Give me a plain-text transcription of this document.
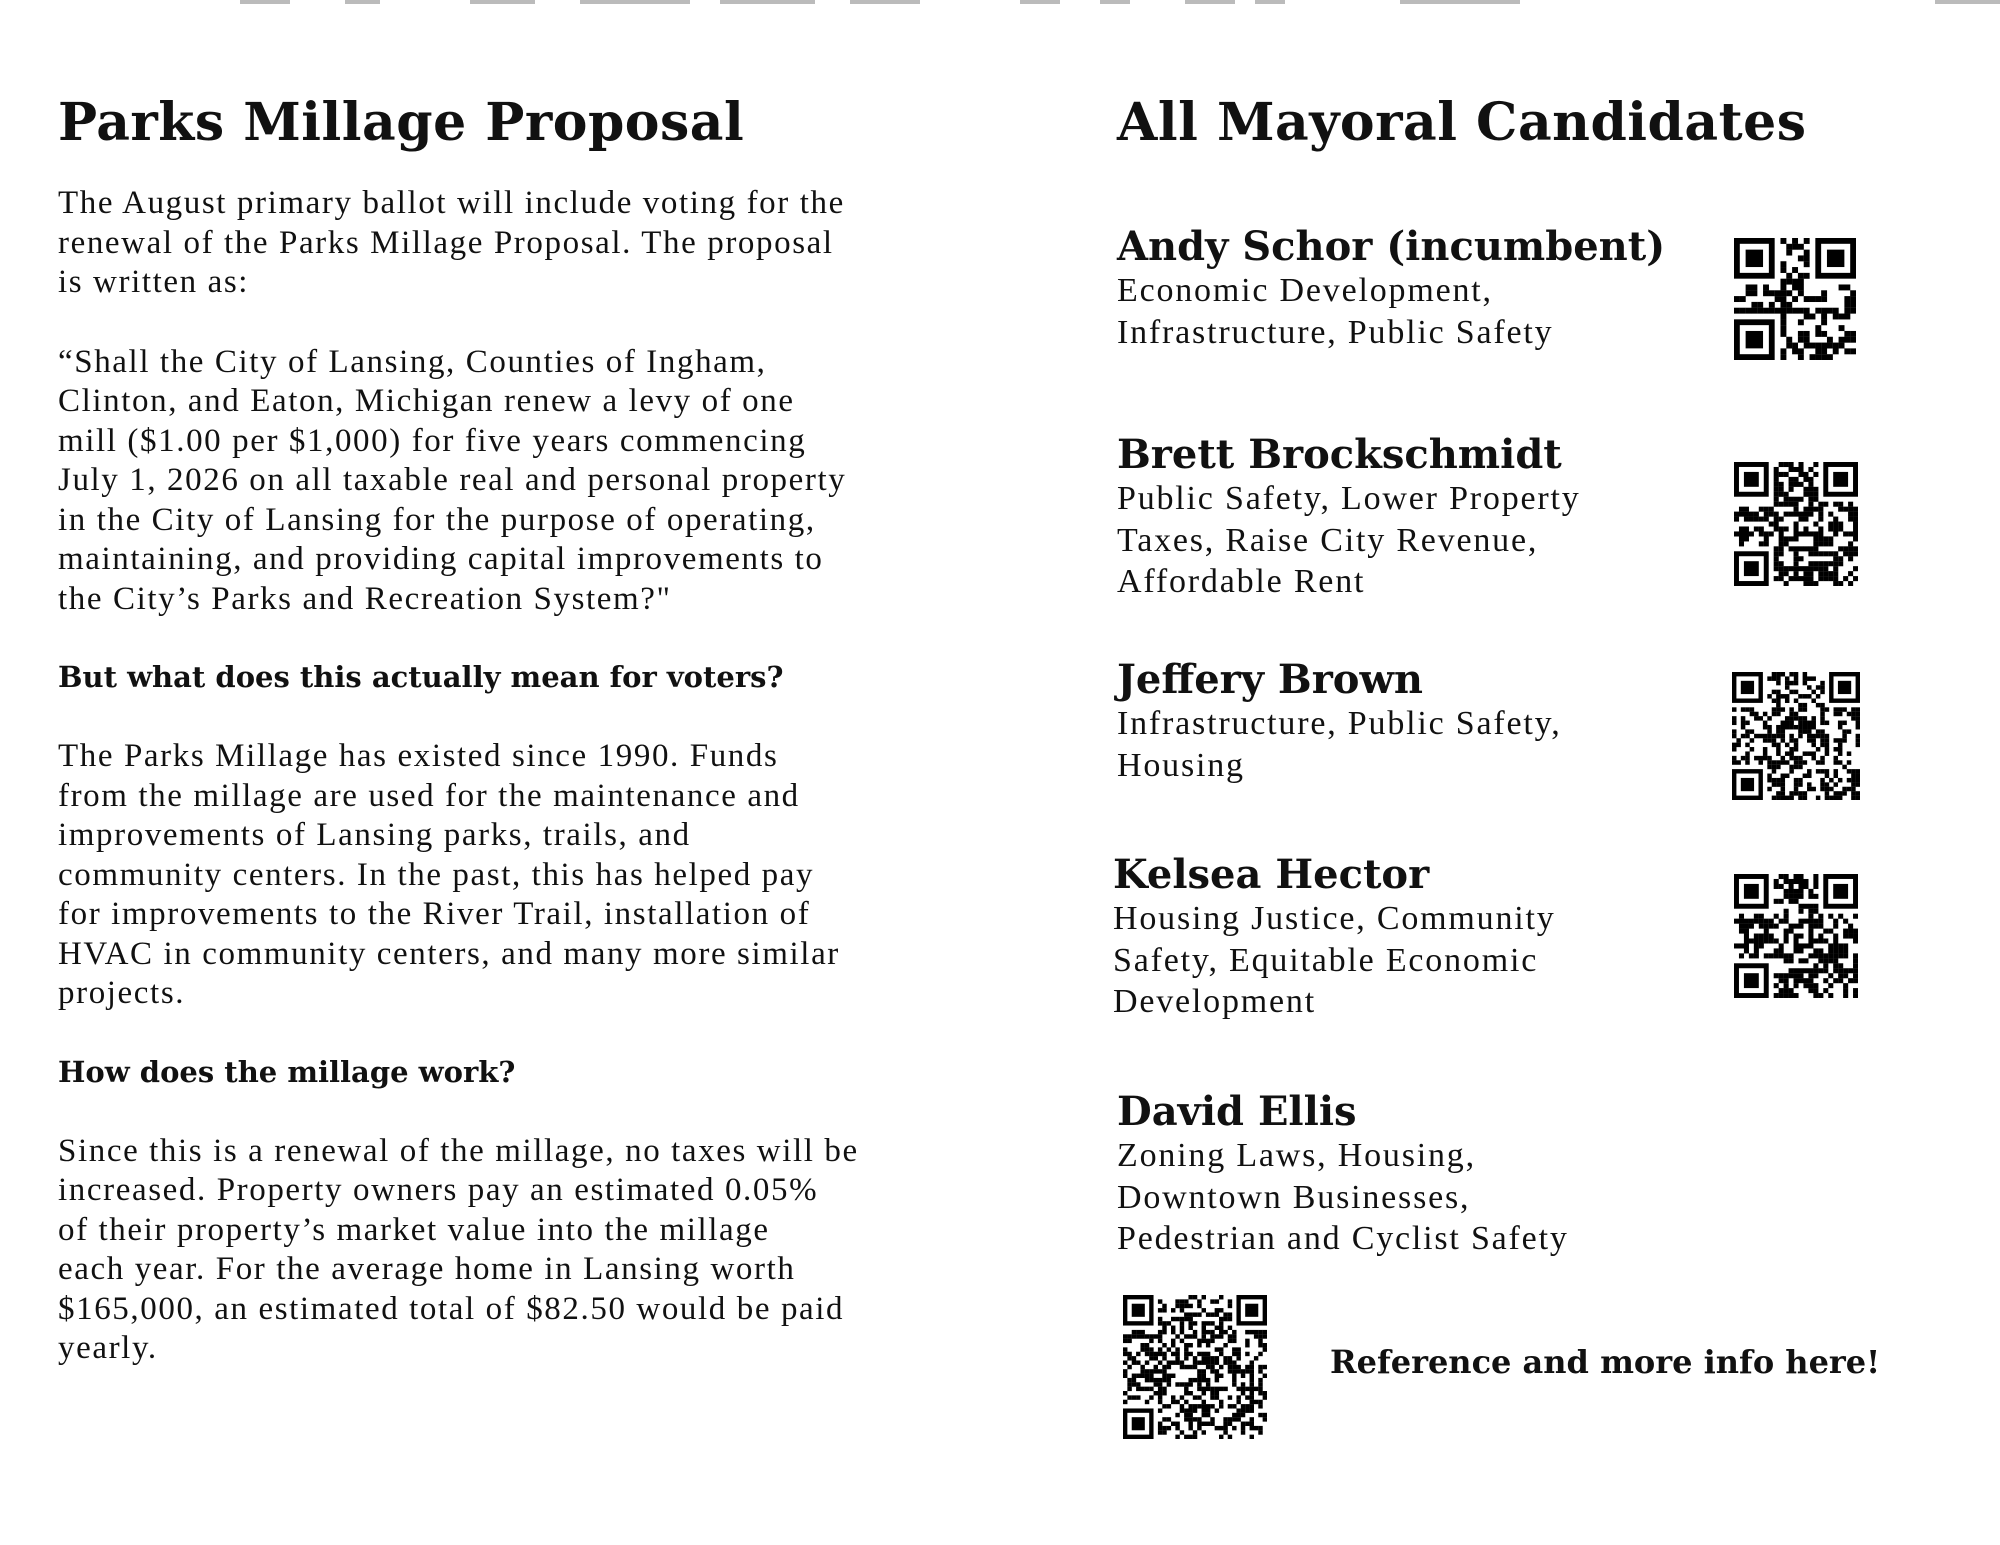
Parks Millage Proposal

The August primary ballot will include voting for the
renewal of the Parks Millage Proposal. The proposal
is written as:

“Shall the City of Lansing, Counties of Ingham,
Clinton, and Eaton, Michigan renew a levy of one
mill ($1.00 per $1,000) for five years commencing
July 1, 2026 on all taxable real and personal property
in the City of Lansing for the purpose of operating,
maintaining, and providing capital improvements to
the City’s Parks and Recreation System?"

But what does this actually mean for voters?

The Parks Millage has existed since 1990. Funds
from the millage are used for the maintenance and
improvements of Lansing parks, trails, and
community centers. In the past, this has helped pay
for improvements to the River Trail, installation of
HVAC in community centers, and many more similar
projects.

How does the millage work?

Since this is a renewal of the millage, no taxes will be
increased. Property owners pay an estimated 0.05%
of their property’s market value into the millage
each year. For the average home in Lansing worth
$165,000, an estimated total of $82.50 would be paid
yearly.

All Mayoral Candidates

Andy Schor (incumbent)

Economic Development,
Infrastructure, Public Safety

Brett Brockschmidt

Public Safety, Lower Property
Taxes, Raise City Revenue,
Affordable Rent

Jeffery Brown

Infrastructure, Public Safety,
Housing

Kelsea Hector

Housing Justice, Community
Safety, Equitable Economic
Development

David Ellis

Zoning Laws, Housing,
Downtown Businesses,
Pedestrian and Cyclist Safety

Reference and more info here!
